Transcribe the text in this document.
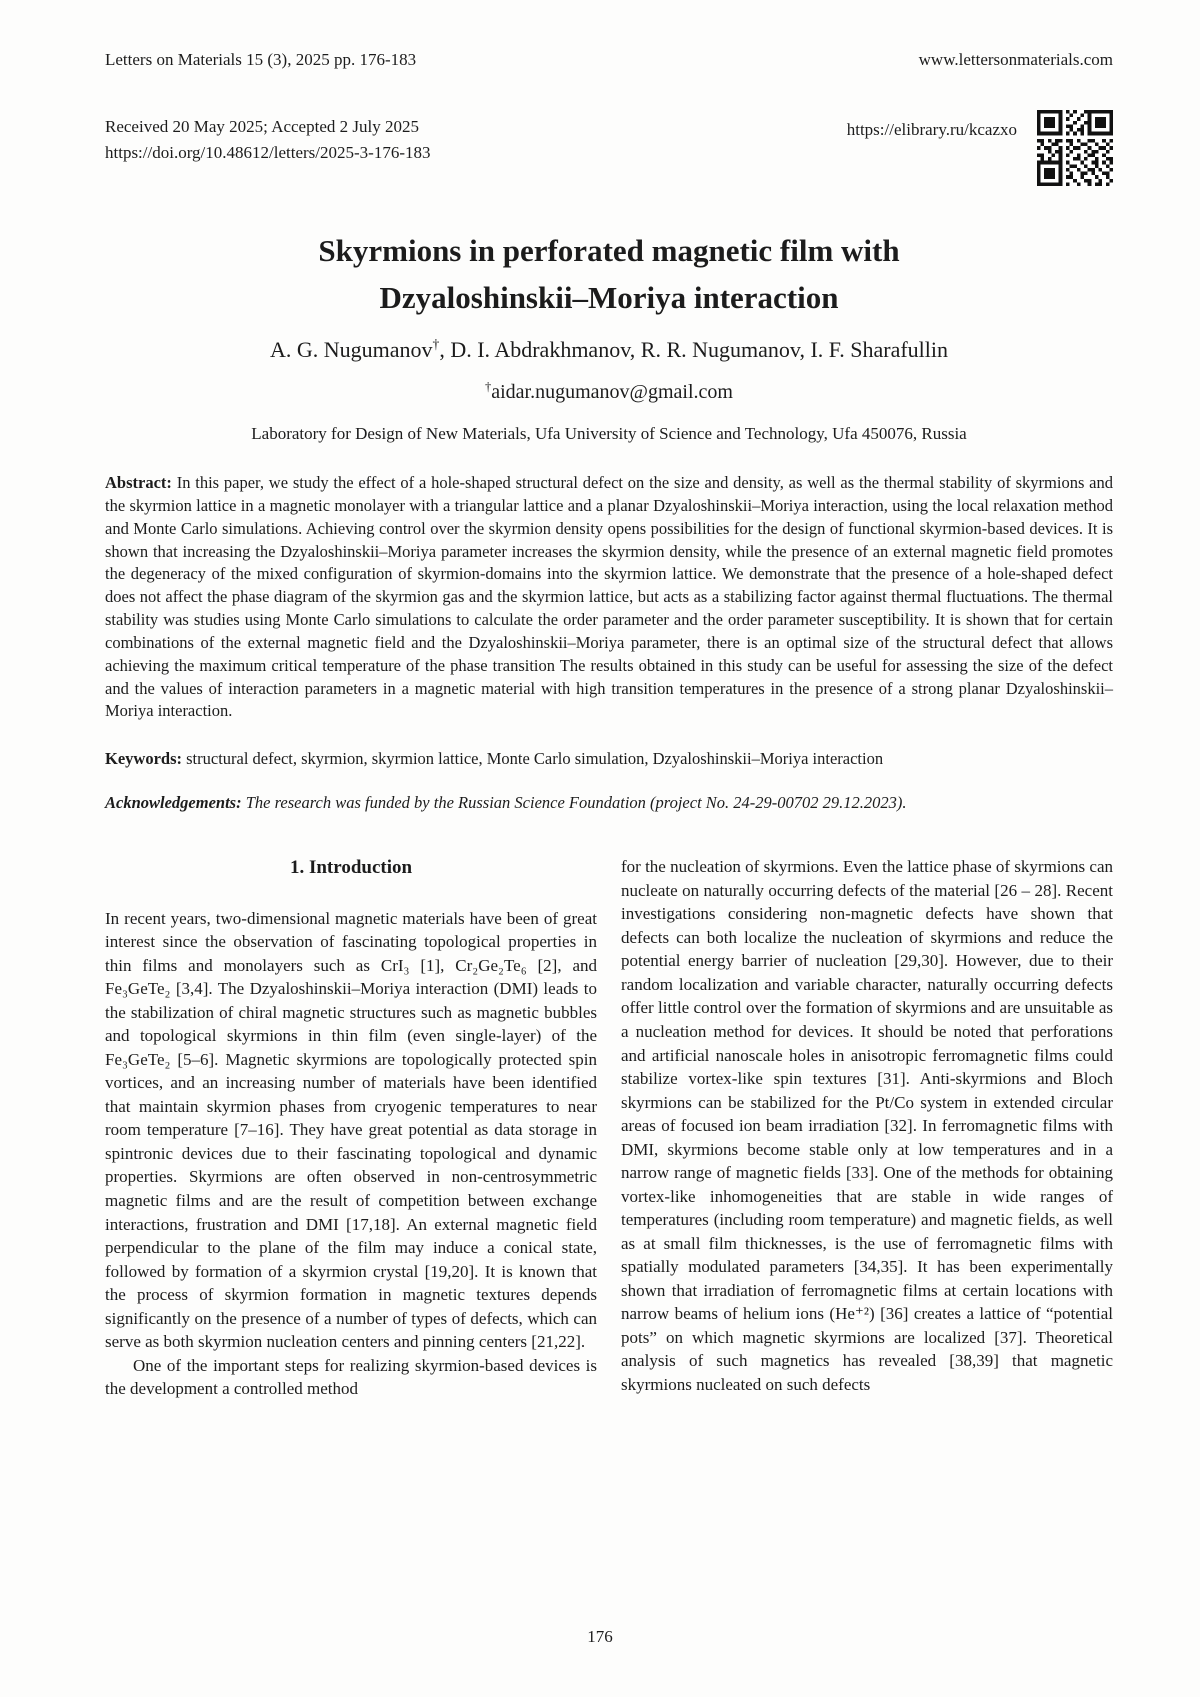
Letters on Materials 15 (3), 2025 pp. 176-183	www.lettersonmaterials.com
Received 20 May 2025; Accepted 2 July 2025
https://doi.org/10.48612/letters/2025-3-176-183
https://elibrary.ru/kcazxo
Skyrmions in perforated magnetic film with Dzyaloshinskii–Moriya interaction
A. G. Nugumanov†, D. I. Abdrakhmanov, R. R. Nugumanov, I. F. Sharafullin
†aidar.nugumanov@gmail.com
Laboratory for Design of New Materials, Ufa University of Science and Technology, Ufa 450076, Russia

Abstract: In this paper, we study the effect of a hole-shaped structural defect on the size and density, as well as the thermal stability of skyrmions and the skyrmion lattice in a magnetic monolayer with a triangular lattice and a planar Dzyaloshinskii–Moriya interaction, using the local relaxation method and Monte Carlo simulations. Achieving control over the skyrmion density opens possibilities for the design of functional skyrmion-based devices. It is shown that increasing the Dzyaloshinskii–Moriya parameter increases the skyrmion density, while the presence of an external magnetic field promotes the degeneracy of the mixed configuration of skyrmion-domains into the skyrmion lattice. We demonstrate that the presence of a hole-shaped defect does not affect the phase diagram of the skyrmion gas and the skyrmion lattice, but acts as a stabilizing factor against thermal fluctuations. The thermal stability was studies using Monte Carlo simulations to calculate the order parameter and the order parameter susceptibility. It is shown that for certain combinations of the external magnetic field and the Dzyaloshinskii–Moriya parameter, there is an optimal size of the structural defect that allows achieving the maximum critical temperature of the phase transition The results obtained in this study can be useful for assessing the size of the defect and the values of interaction parameters in a magnetic material with high transition temperatures in the presence of a strong planar Dzyaloshinskii–Moriya interaction.

Keywords: structural defect, skyrmion, skyrmion lattice, Monte Carlo simulation, Dzyaloshinskii–Moriya interaction

Acknowledgements: The research was funded by the Russian Science Foundation (project No. 24-29-00702 29.12.2023).

1. Introduction

In recent years, two-dimensional magnetic materials have been of great interest since the observation of fascinating topological properties in thin films and monolayers such as CrI₃ [1], Cr₂Ge₂Te₆ [2], and Fe₃GeTe₂ [3,4]. The Dzyaloshinskii–Moriya interaction (DMI) leads to the stabilization of chiral magnetic structures such as magnetic bubbles and topological skyrmions in thin film (even single-layer) of the Fe₃GeTe₂ [5–6]. Magnetic skyrmions are topologically protected spin vortices, and an increasing number of materials have been identified that maintain skyrmion phases from cryogenic temperatures to near room temperature [7–16]. They have great potential as data storage in spintronic devices due to their fascinating topological and dynamic properties. Skyrmions are often observed in non-centrosymmetric magnetic films and are the result of competition between exchange interactions, frustration and DMI [17,18]. An external magnetic field perpendicular to the plane of the film may induce a conical state, followed by formation of a skyrmion crystal [19,20]. It is known that the process of skyrmion formation in magnetic textures depends significantly on the presence of a number of types of defects, which can serve as both skyrmion nucleation centers and pinning centers [21,22].

One of the important steps for realizing skyrmion-based devices is the development a controlled method

for the nucleation of skyrmions. Even the lattice phase of skyrmions can nucleate on naturally occurring defects of the material [26 – 28]. Recent investigations considering non-magnetic defects have shown that defects can both localize the nucleation of skyrmions and reduce the potential energy barrier of nucleation [29,30]. However, due to their random localization and variable character, naturally occurring defects offer little control over the formation of skyrmions and are unsuitable as a nucleation method for devices. It should be noted that perforations and artificial nanoscale holes in anisotropic ferromagnetic films could stabilize vortex-like spin textures [31]. Anti-skyrmions and Bloch skyrmions can be stabilized for the Pt/Co system in extended circular areas of focused ion beam irradiation [32]. In ferromagnetic films with DMI, skyrmions become stable only at low temperatures and in a narrow range of magnetic fields [33]. One of the methods for obtaining vortex-like inhomogeneities that are stable in wide ranges of temperatures (including room temperature) and magnetic fields, as well as at small film thicknesses, is the use of ferromagnetic films with spatially modulated parameters [34,35]. It has been experimentally shown that irradiation of ferromagnetic films at certain locations with narrow beams of helium ions (He⁺²) [36] creates a lattice of “potential pots” on which magnetic skyrmions are localized [37]. Theoretical analysis of such magnetics has revealed [38,39] that magnetic skyrmions nucleated on such defects

176
